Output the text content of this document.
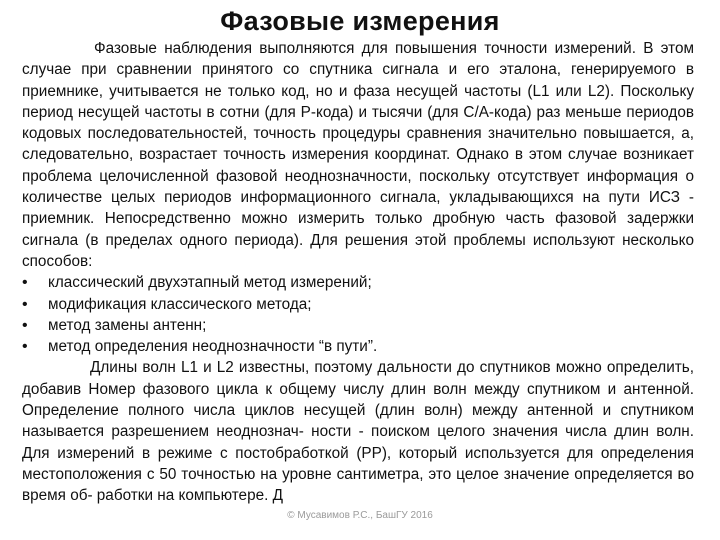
Фазовые измерения

Фазовые наблюдения выполняются для повышения точности измерений. В этом случае при сравнении принятого со спутника сигнала и его эталона, генерируемого в приемнике, учитывается не только код, но и фаза несущей частоты (L1 или L2). Поскольку период несущей частоты в сотни (для Р-кода) и тысячи (для С/А-кода) раз меньше периодов кодовых последовательностей, точность процедуры сравнения значительно повышается, а, следовательно, возрастает точность измерения координат. Однако в этом случае возникает проблема целочисленной фазовой неоднозначности, поскольку отсутствует информация о количестве целых периодов информационного сигнала, укладывающихся на пути ИСЗ - приемник. Непосредственно можно измерить только дробную часть фазовой задержки сигнала (в пределах одного периода). Для решения этой проблемы используют несколько способов:

• классический двухэтапный метод измерений;
• модификация классического метода;
• метод замены антенн;
• метод определения неоднозначности “в пути”.

Длины волн L1 и L2 известны, поэтому дальности до спутников можно определить, добавив Номер фазового цикла к общему числу длин волн между спутником и антенной. Определение полного числа циклов несущей (длин волн) между антенной и спутником называется разрешением неоднознач- ности - поиском целого значения числа длин волн. Для измерений в режиме с постобработкой (PP), который используется для определения местоположения с 50 точностью на уровне сантиметра, это целое значение определяется во время об- работки на компьютере. Д

© Мусавимов Р.С., БашГУ 2016
